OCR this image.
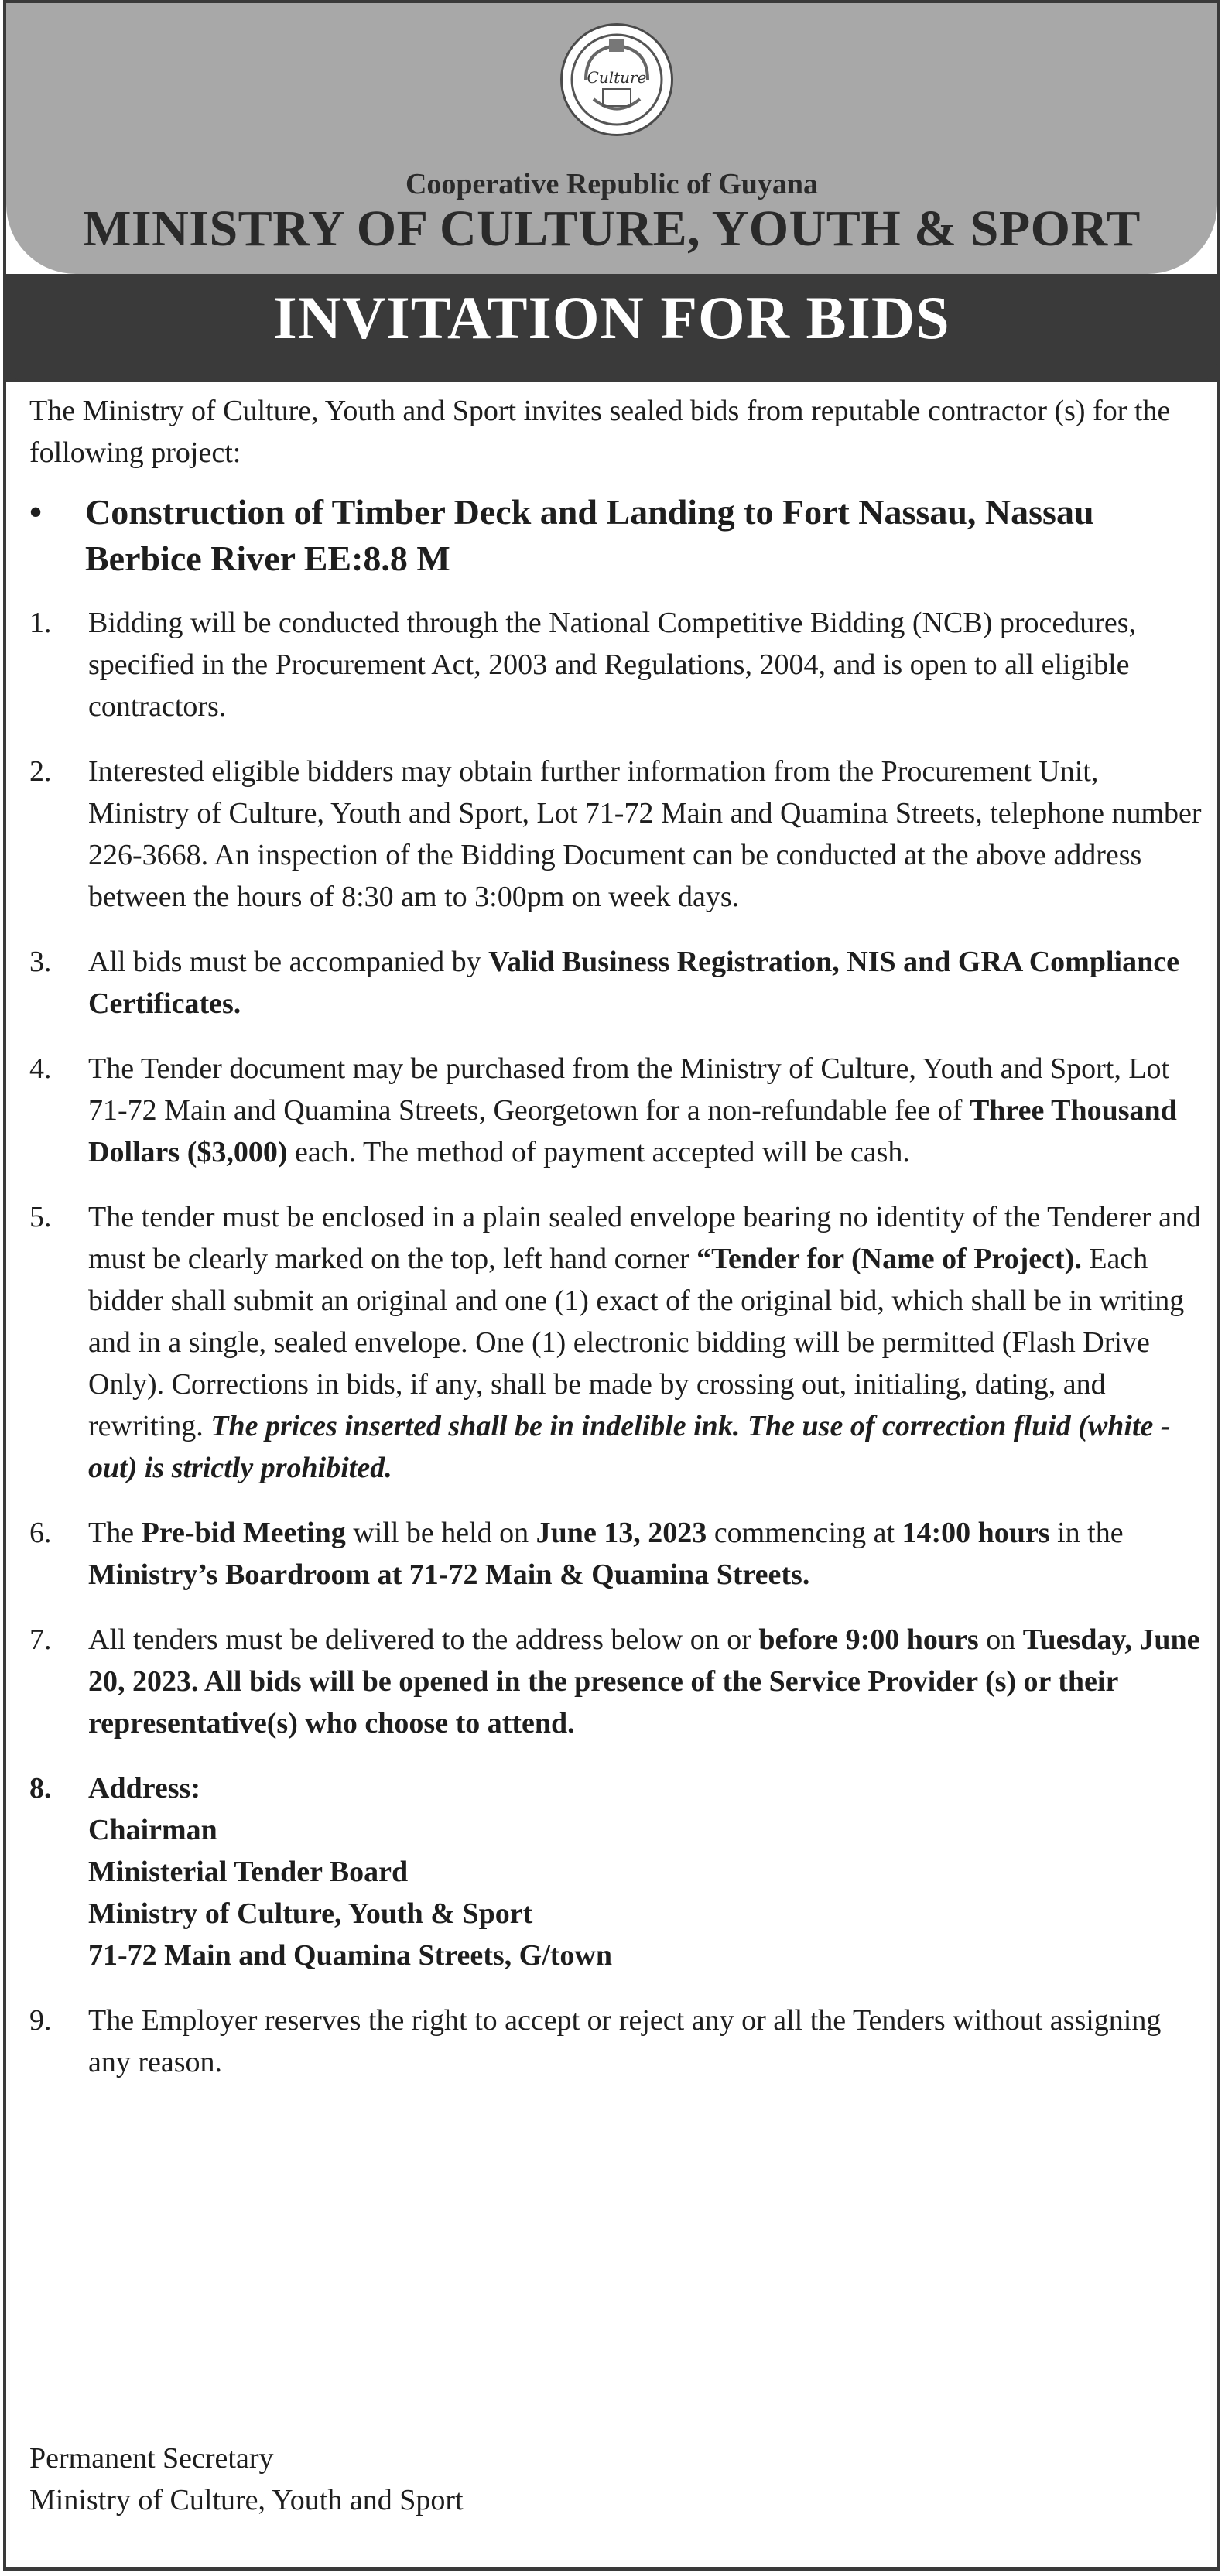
Culture
Cooperative Republic of Guyana
MINISTRY OF CULTURE, YOUTH & SPORT
INVITATION FOR BIDS

The Ministry of Culture, Youth and Sport invites sealed bids from reputable contractor (s) for the following project:

•	Construction of Timber Deck and Landing to Fort Nassau, Nassau Berbice River EE:8.8 M
1.	Bidding will be conducted through the National Competitive Bidding (NCB) procedures, specified in the Procurement Act, 2003 and Regulations, 2004, and is open to all eligible contractors.
2.	Interested eligible bidders may obtain further information from the Procurement Unit, Ministry of Culture, Youth and Sport, Lot 71-72 Main and Quamina Streets, telephone number 226-3668. An inspection of the Bidding Document can be conducted at the above address between the hours of 8:30 am to 3:00pm on week days.
3.	All bids must be accompanied by Valid Business Registration, NIS and GRA Compliance Certificates.
4.	The Tender document may be purchased from the Ministry of Culture, Youth and Sport, Lot 71-72 Main and Quamina Streets, Georgetown for a non-refundable fee of Three Thousand Dollars ($3,000) each. The method of payment accepted will be cash.
5.	The tender must be enclosed in a plain sealed envelope bearing no identity of the Tenderer and must be clearly marked on the top, left hand corner “Tender for (Name of Project). Each bidder shall submit an original and one (1) exact of the original bid, which shall be in writing and in a single, sealed envelope. One (1) electronic bidding will be permitted (Flash Drive Only). Corrections in bids, if any, shall be made by crossing out, initialing, dating, and rewriting. The prices inserted shall be in indelible ink. The use of correction fluid (white -out) is strictly prohibited.
6.	The Pre-bid Meeting will be held on June 13, 2023 commencing at 14:00 hours in the Ministry’s Boardroom at 71-72 Main & Quamina Streets.
7.	All tenders must be delivered to the address below on or before 9:00 hours on Tuesday, June 20, 2023. All bids will be opened in the presence of the Service Provider (s) or their representative(s) who choose to attend.
8.	Address:
Chairman
Ministerial Tender Board
Ministry of Culture, Youth & Sport
71-72 Main and Quamina Streets, G/town
9.	The Employer reserves the right to accept or reject any or all the Tenders without assigning any reason.
Permanent Secretary
Ministry of Culture, Youth and Sport
